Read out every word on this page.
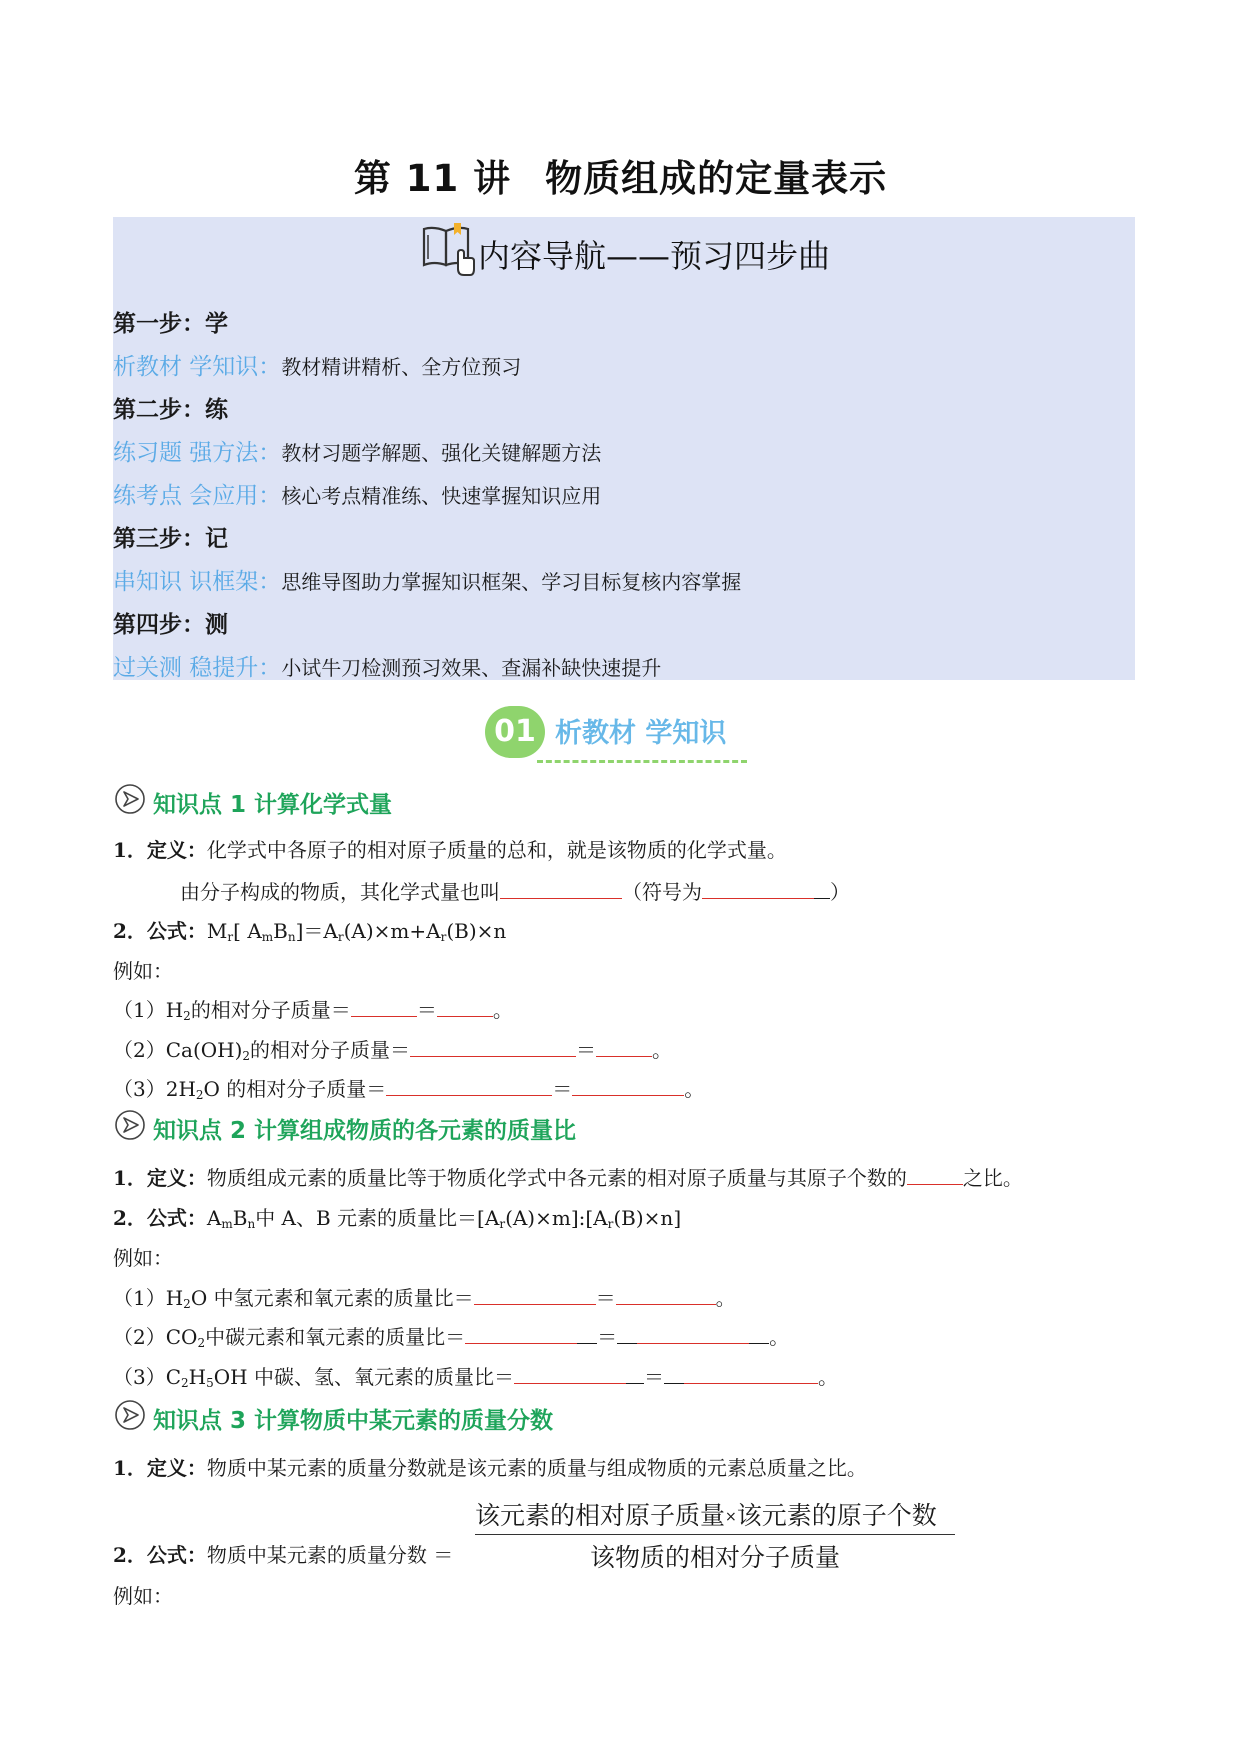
第 11 讲 物质组成的定量表示
内容导航——预习四步曲
第一步：学
析教材 学知识：教材精讲精析、全方位预习
第二步：练
练习题 强方法：教材习题学解题、强化关键解题方法
练考点 会应用：核心考点精准练、快速掌握知识应用
第三步：记
串知识 识框架：思维导图助力掌握知识框架、学习目标复核内容掌握
第四步：测
过关测 稳提升：小试牛刀检测预习效果、查漏补缺快速提升
01 析教材 学知识
知识点 1 计算化学式量
1．定义：化学式中各原子的相对原子质量的总和，就是该物质的化学式量。
由分子构成的物质，其化学式量也叫	（符号为	）
2．公式：$M_r$[ $A_mB_n]=A_r(A)\times m+A_r(B)\times n$
例如：
$(1)H_2$的相对分子质量＝	＝	。
$(2)Ca(OH)_2$的相对分子质量＝	＝	。
$(3)2H_2O$ 的相对分子质量＝	＝	。
知识点 2 计算组成物质的各元素的质量比
1．定义：物质组成元素的质量比等于物质化学式中各元素的相对原子质量与其原子个数的	之比。
2．公式：$A_mB_n$中 A、B 元素的质量比$=[A_r(A)\times m]:[A_r(B)\times n]$
例如：
$(1)H_2O$ 中氢元素和氧元素的质量比＝	＝	。
$(2)CO_2$中碳元素和氧元素的质量比＝	＝	。
$(3)C_2H_5OH$ 中碳、氢、氧元素的质量比＝	＝	。
知识点 3 计算物质中某元素的质量分数
1．定义：物质中某元素的质量分数就是该元素的质量与组成物质的元素总质量之比。
该元素的相对原子质量×该元素的原子个数
该物质的相对分子质量
2．公式：物质中某元素的质量分数 ＝
例如：
